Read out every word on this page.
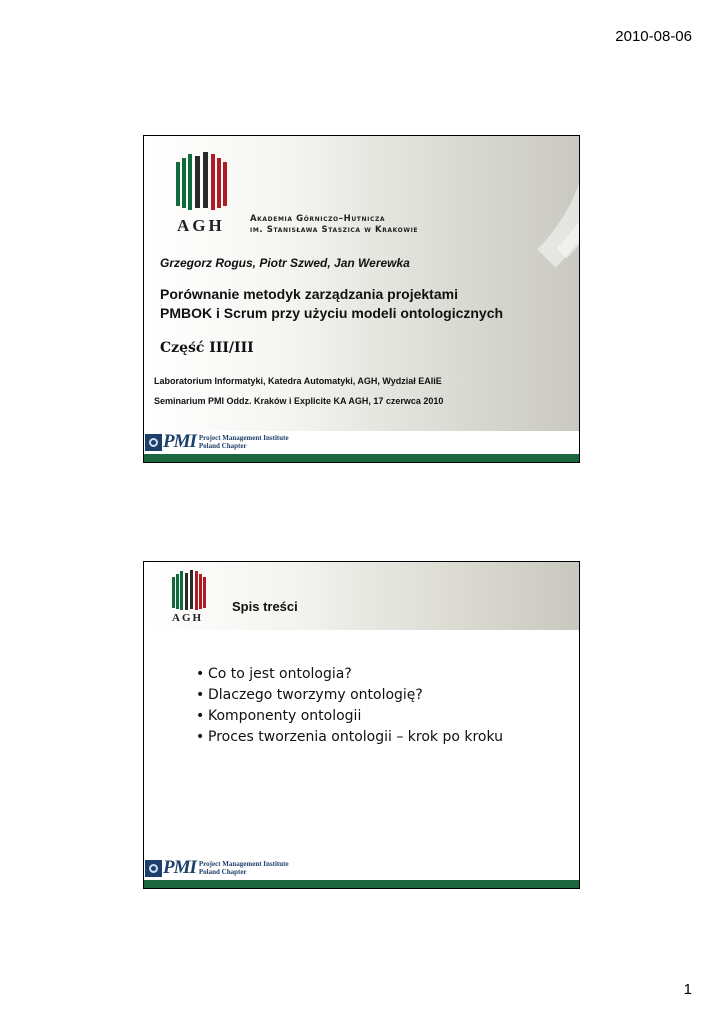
2010-08-06
AGH	Akademia Górniczo–Hutnicza
im. Stanisława Staszica w Krakowie
Grzegorz Rogus, Piotr Szwed, Jan Werewka
Porównanie metodyk zarządzania projektami
PMBOK i Scrum przy użyciu modeli ontologicznych
Część III/III
Laboratorium Informatyki, Katedra Automatyki, AGH, Wydział EAIiE
Seminarium PMI Oddz. Kraków i Explicite KA AGH, 17 czerwca 2010
PMI Project Management Institute
Poland Chapter
AGH
Spis treści
• Co to jest ontologia?
• Dlaczego tworzymy ontologię?
• Komponenty ontologii
• Proces tworzenia ontologii – krok po kroku
PMI Project Management Institute
Poland Chapter
1
